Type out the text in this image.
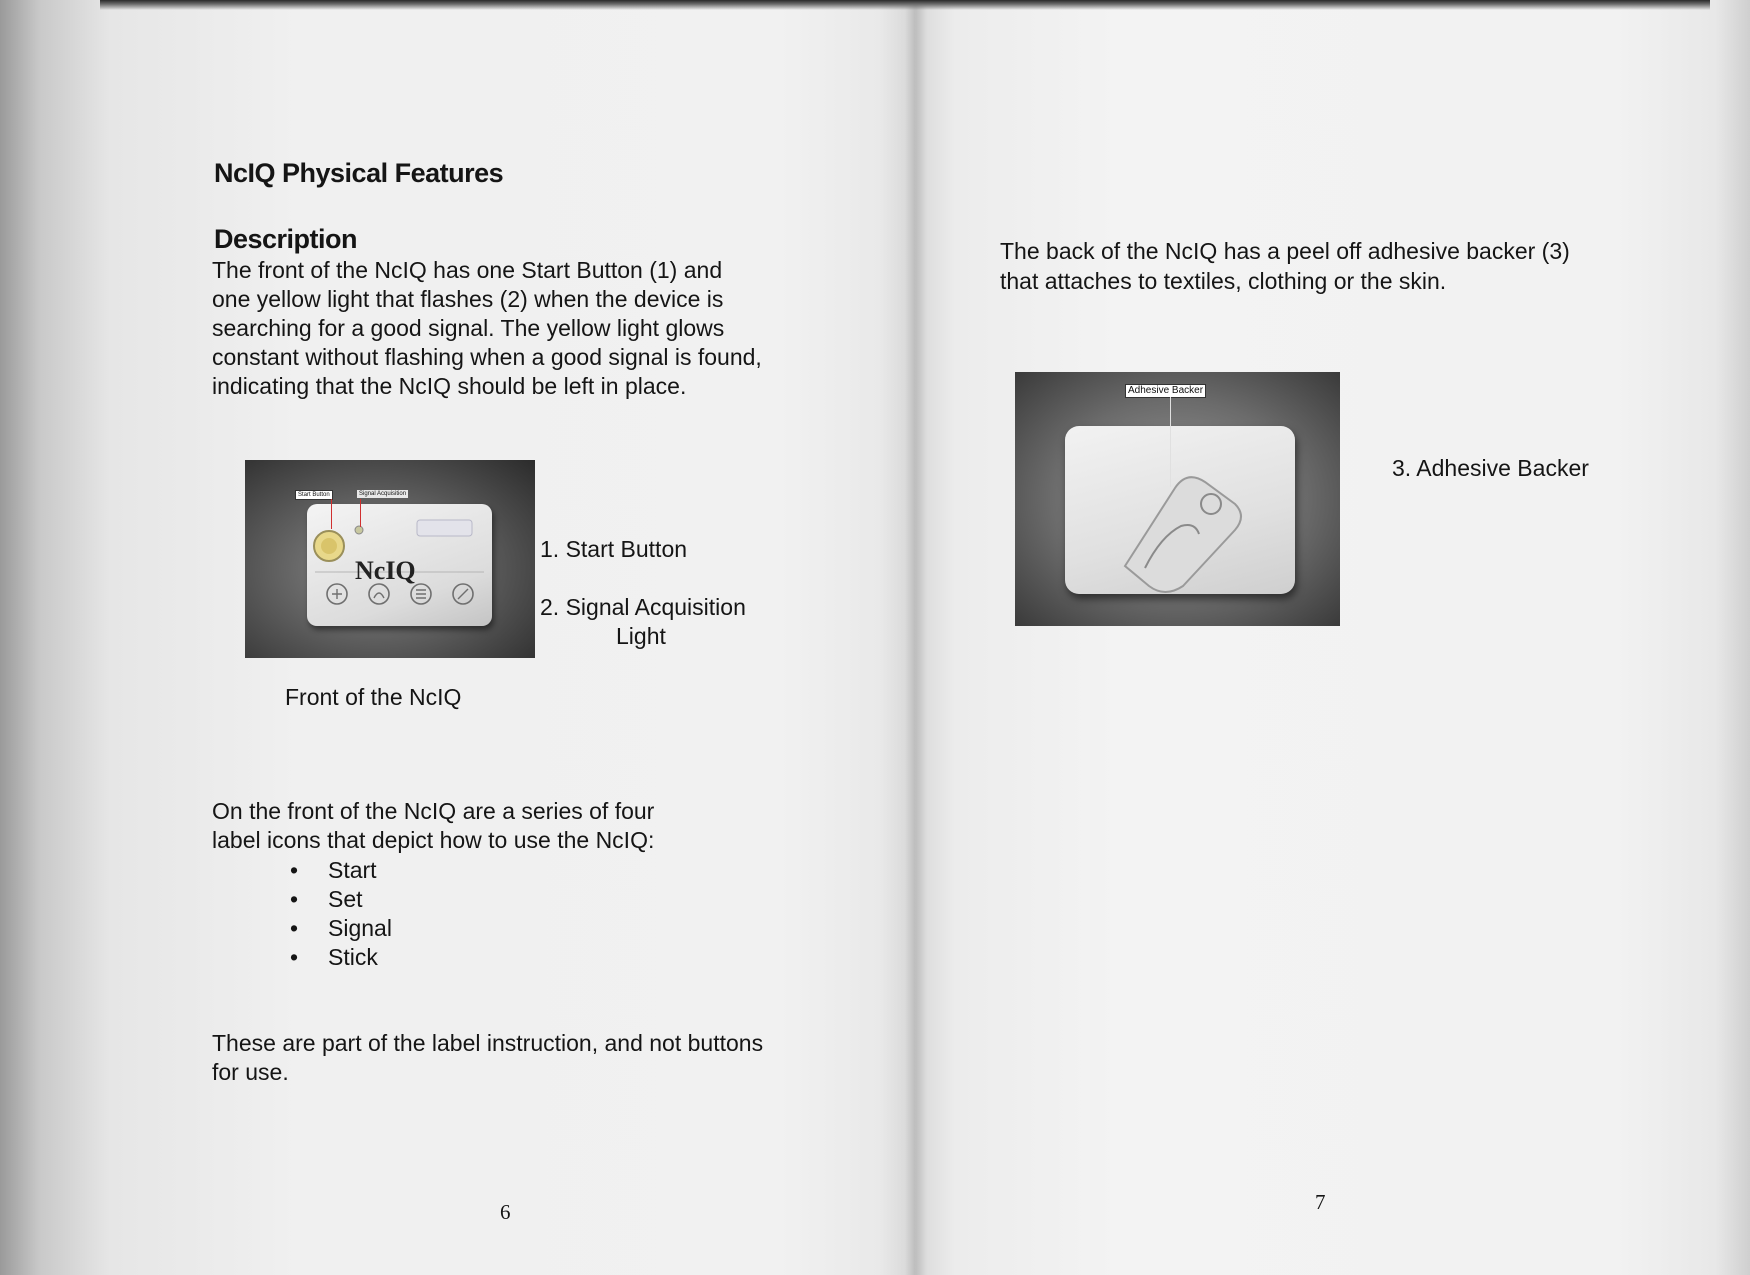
NcIQ Physical Features
Description
The front of the NcIQ has one Start Button (1) and
one yellow light that flashes (2) when the device is
searching for a good signal. The yellow light glows
constant without flashing when a good signal is found,
indicating that the NcIQ should be left in place.
NcIQ
Start Button	Signal Acquisition
1. Start Button
2. Signal Acquisition
Light
Front of the NcIQ
On the front of the NcIQ are a series of four
label icons that depict how to use the NcIQ:
• Start
• Set
• Signal
• Stick
These are part of the label instruction, and not buttons
for use.
6
The back of the NcIQ has a peel off adhesive backer (3)
that attaches to textiles, clothing or the skin.
Adhesive Backer
3. Adhesive Backer
7
